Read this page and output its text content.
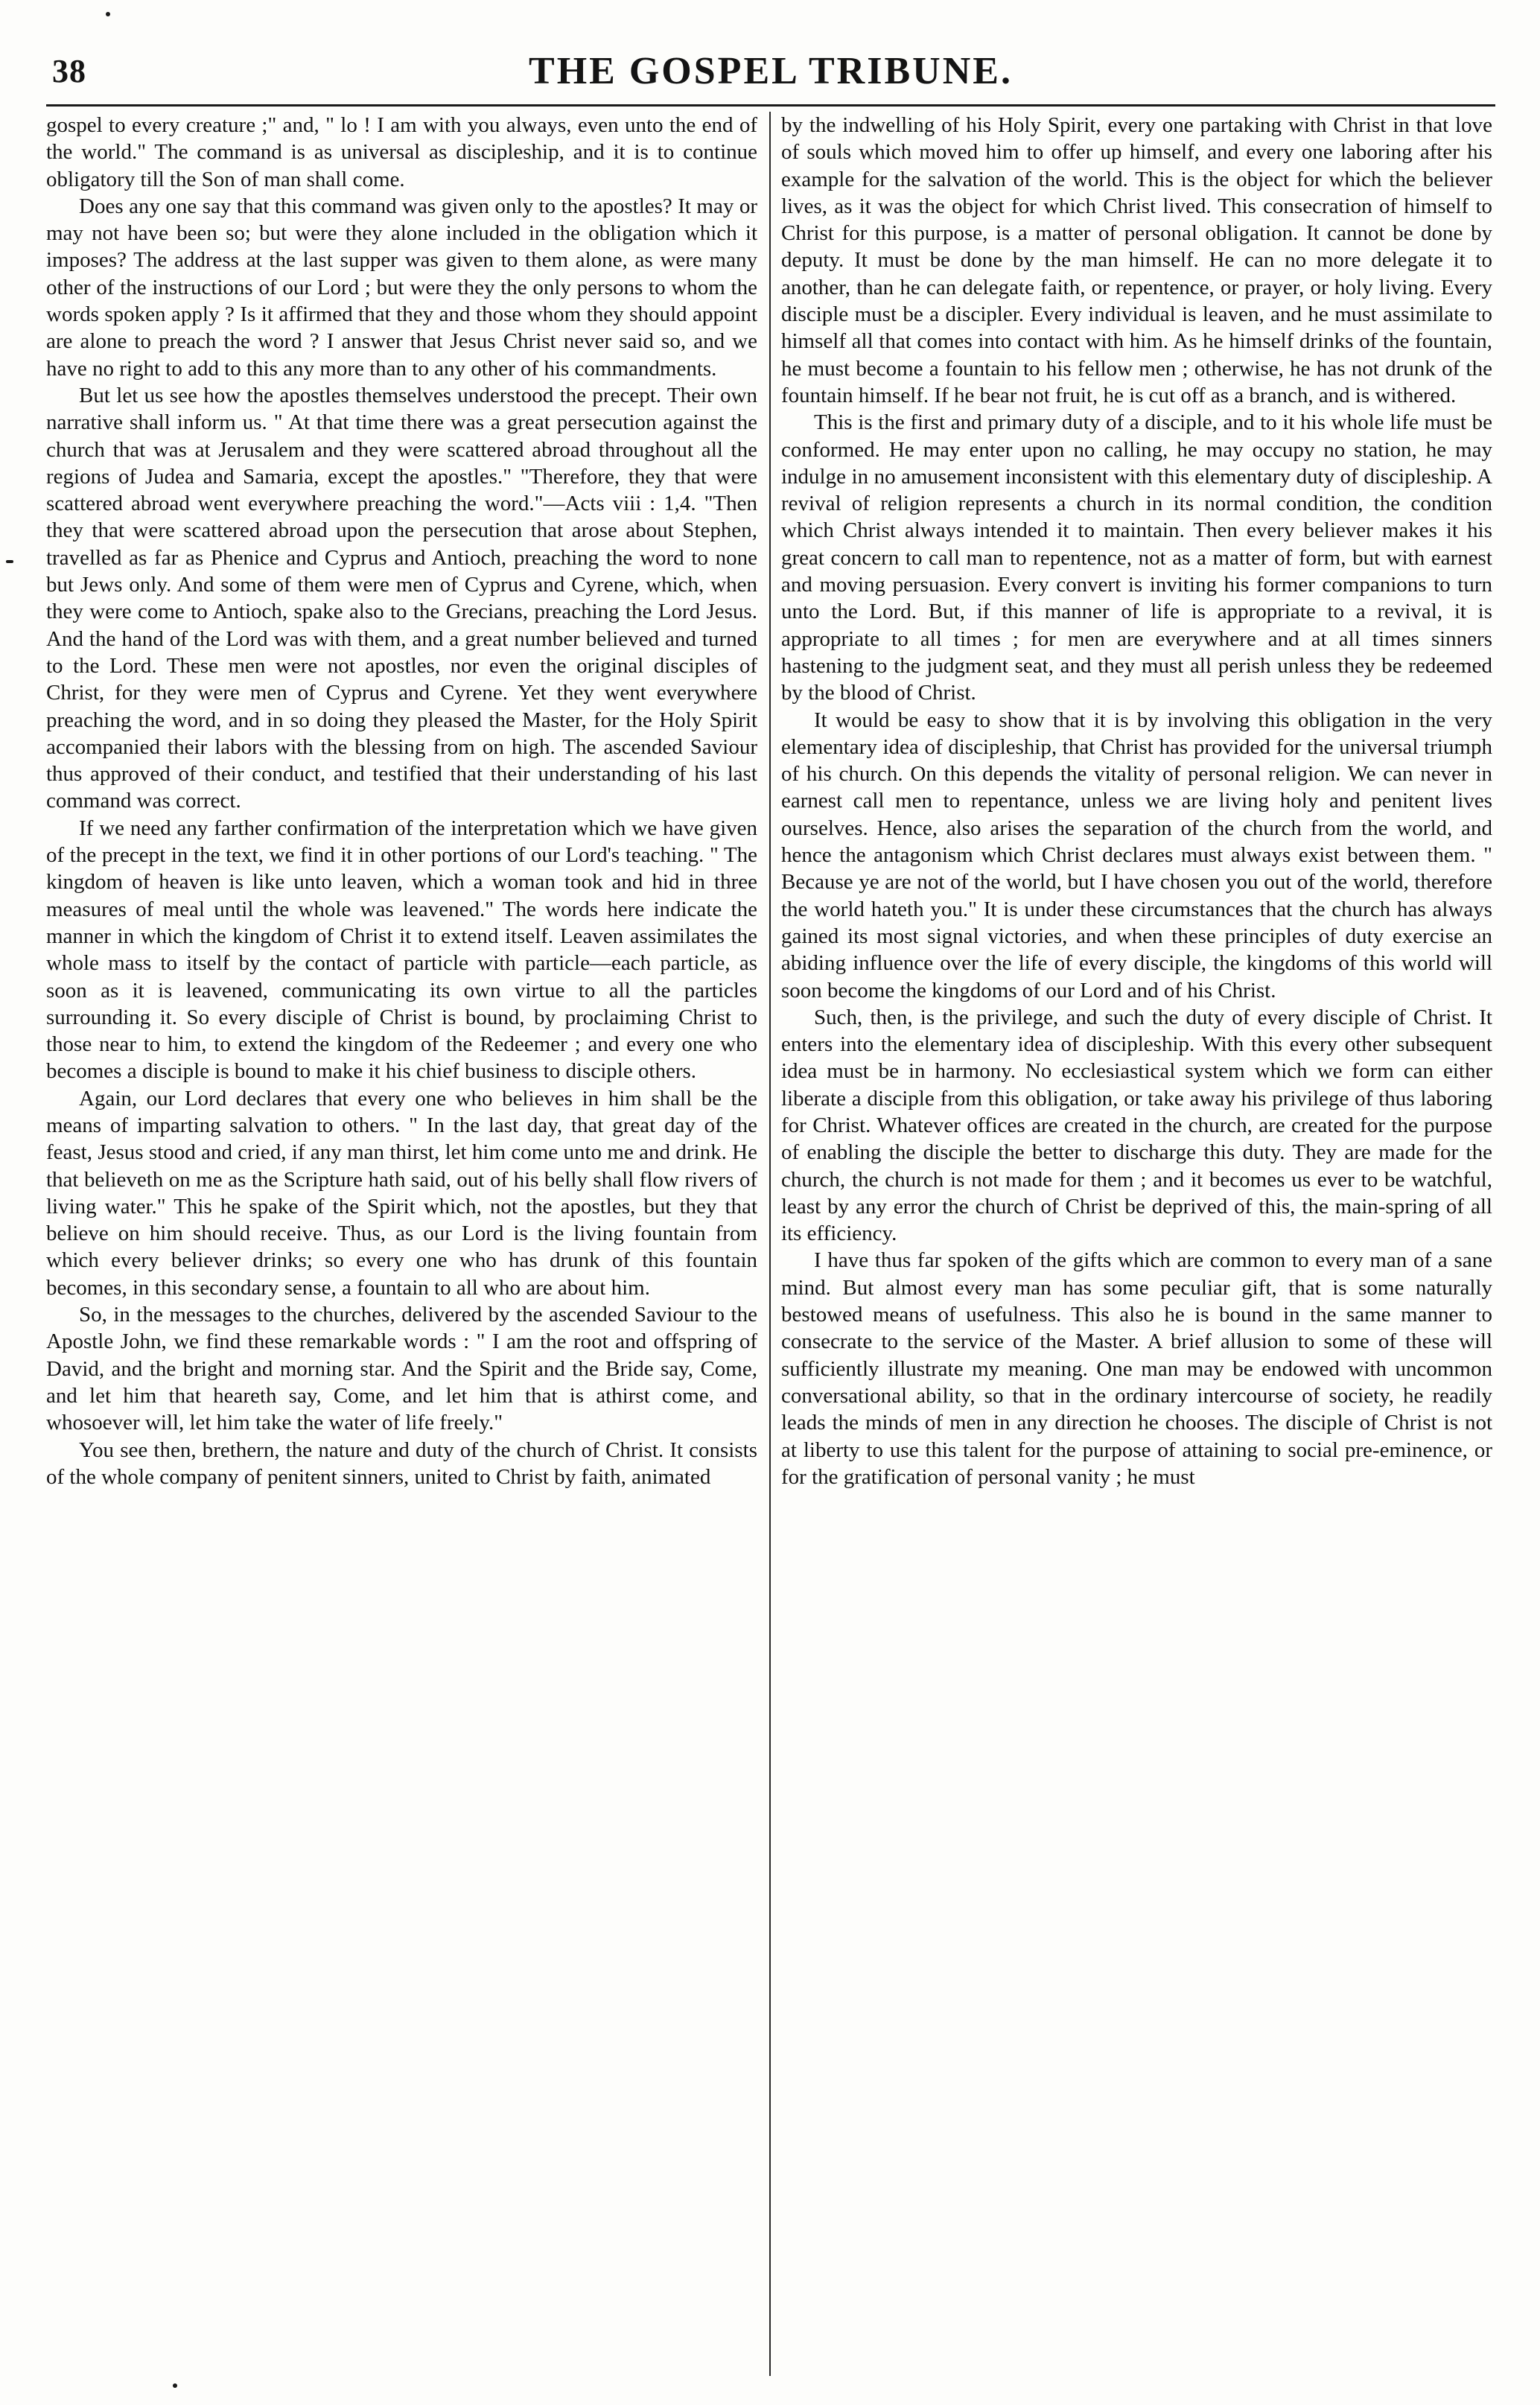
38	THE GOSPEL TRIBUNE.

gospel to every creature ;" and, " lo ! I am with you always, even unto the end of the world." The command is as universal as discipleship, and it is to continue obligatory till the Son of man shall come.

Does any one say that this command was given only to the apostles? It may or may not have been so; but were they alone included in the obligation which it imposes? The address at the last supper was given to them alone, as were many other of the instructions of our Lord ; but were they the only persons to whom the words spoken apply ? Is it affirmed that they and those whom they should appoint are alone to preach the word ? I answer that Jesus Christ never said so, and we have no right to add to this any more than to any other of his commandments.

But let us see how the apostles themselves understood the precept. Their own narrative shall inform us. " At that time there was a great persecution against the church that was at Jerusalem and they were scattered abroad throughout all the regions of Judea and Samaria, except the apostles." "Therefore, they that were scattered abroad went everywhere preaching the word."—Acts viii : 1,4. "Then they that were scattered abroad upon the persecution that arose about Stephen, travelled as far as Phenice and Cyprus and Antioch, preaching the word to none but Jews only. And some of them were men of Cyprus and Cyrene, which, when they were come to Antioch, spake also to the Grecians, preaching the Lord Jesus. And the hand of the Lord was with them, and a great number believed and turned to the Lord. These men were not apostles, nor even the original disciples of Christ, for they were men of Cyprus and Cyrene. Yet they went everywhere preaching the word, and in so doing they pleased the Master, for the Holy Spirit accompanied their labors with the blessing from on high. The ascended Saviour thus approved of their conduct, and testified that their understanding of his last command was correct.

If we need any farther confirmation of the interpretation which we have given of the precept in the text, we find it in other portions of our Lord's teaching. " The kingdom of heaven is like unto leaven, which a woman took and hid in three measures of meal until the whole was leavened." The words here indicate the manner in which the kingdom of Christ it to extend itself. Leaven assimilates the whole mass to itself by the contact of particle with particle—each particle, as soon as it is leavened, communicating its own virtue to all the particles surrounding it. So every disciple of Christ is bound, by proclaiming Christ to those near to him, to extend the kingdom of the Redeemer ; and every one who becomes a disciple is bound to make it his chief business to disciple others.

Again, our Lord declares that every one who believes in him shall be the means of imparting salvation to others. " In the last day, that great day of the feast, Jesus stood and cried, if any man thirst, let him come unto me and drink. He that believeth on me as the Scripture hath said, out of his belly shall flow rivers of living water." This he spake of the Spirit which, not the apostles, but they that believe on him should receive. Thus, as our Lord is the living fountain from which every believer drinks; so every one who has drunk of this fountain becomes, in this secondary sense, a fountain to all who are about him.

So, in the messages to the churches, delivered by the ascended Saviour to the Apostle John, we find these remarkable words : " I am the root and offspring of David, and the bright and morning star. And the Spirit and the Bride say, Come, and let him that heareth say, Come, and let him that is athirst come, and whosoever will, let him take the water of life freely."

You see then, brethern, the nature and duty of the church of Christ. It consists of the whole company of penitent sinners, united to Christ by faith, animated

by the indwelling of his Holy Spirit, every one partaking with Christ in that love of souls which moved him to offer up himself, and every one laboring after his example for the salvation of the world. This is the object for which the believer lives, as it was the object for which Christ lived. This consecration of himself to Christ for this purpose, is a matter of personal obligation. It cannot be done by deputy. It must be done by the man himself. He can no more delegate it to another, than he can delegate faith, or repentence, or prayer, or holy living. Every disciple must be a discipler. Every individual is leaven, and he must assimilate to himself all that comes into contact with him. As he himself drinks of the fountain, he must become a fountain to his fellow men ; otherwise, he has not drunk of the fountain himself. If he bear not fruit, he is cut off as a branch, and is withered.

This is the first and primary duty of a disciple, and to it his whole life must be conformed. He may enter upon no calling, he may occupy no station, he may indulge in no amusement inconsistent with this elementary duty of discipleship. A revival of religion represents a church in its normal condition, the condition which Christ always intended it to maintain. Then every believer makes it his great concern to call man to repentence, not as a matter of form, but with earnest and moving persuasion. Every convert is inviting his former companions to turn unto the Lord. But, if this manner of life is appropriate to a revival, it is appropriate to all times ; for men are everywhere and at all times sinners hastening to the judgment seat, and they must all perish unless they be redeemed by the blood of Christ.

It would be easy to show that it is by involving this obligation in the very elementary idea of discipleship, that Christ has provided for the universal triumph of his church. On this depends the vitality of personal religion. We can never in earnest call men to repentance, unless we are living holy and penitent lives ourselves. Hence, also arises the separation of the church from the world, and hence the antagonism which Christ declares must always exist between them. " Because ye are not of the world, but I have chosen you out of the world, therefore the world hateth you." It is under these circumstances that the church has always gained its most signal victories, and when these principles of duty exercise an abiding influence over the life of every disciple, the kingdoms of this world will soon become the kingdoms of our Lord and of his Christ.

Such, then, is the privilege, and such the duty of every disciple of Christ. It enters into the elementary idea of discipleship. With this every other subsequent idea must be in harmony. No ecclesiastical system which we form can either liberate a disciple from this obligation, or take away his privilege of thus laboring for Christ. Whatever offices are created in the church, are created for the purpose of enabling the disciple the better to discharge this duty. They are made for the church, the church is not made for them ; and it becomes us ever to be watchful, least by any error the church of Christ be deprived of this, the main-spring of all its efficiency.

I have thus far spoken of the gifts which are common to every man of a sane mind. But almost every man has some peculiar gift, that is some naturally bestowed means of usefulness. This also he is bound in the same manner to consecrate to the service of the Master. A brief allusion to some of these will sufficiently illustrate my meaning. One man may be endowed with uncommon conversational ability, so that in the ordinary intercourse of society, he readily leads the minds of men in any direction he chooses. The disciple of Christ is not at liberty to use this talent for the purpose of attaining to social pre-eminence, or for the gratification of personal vanity ; he must
